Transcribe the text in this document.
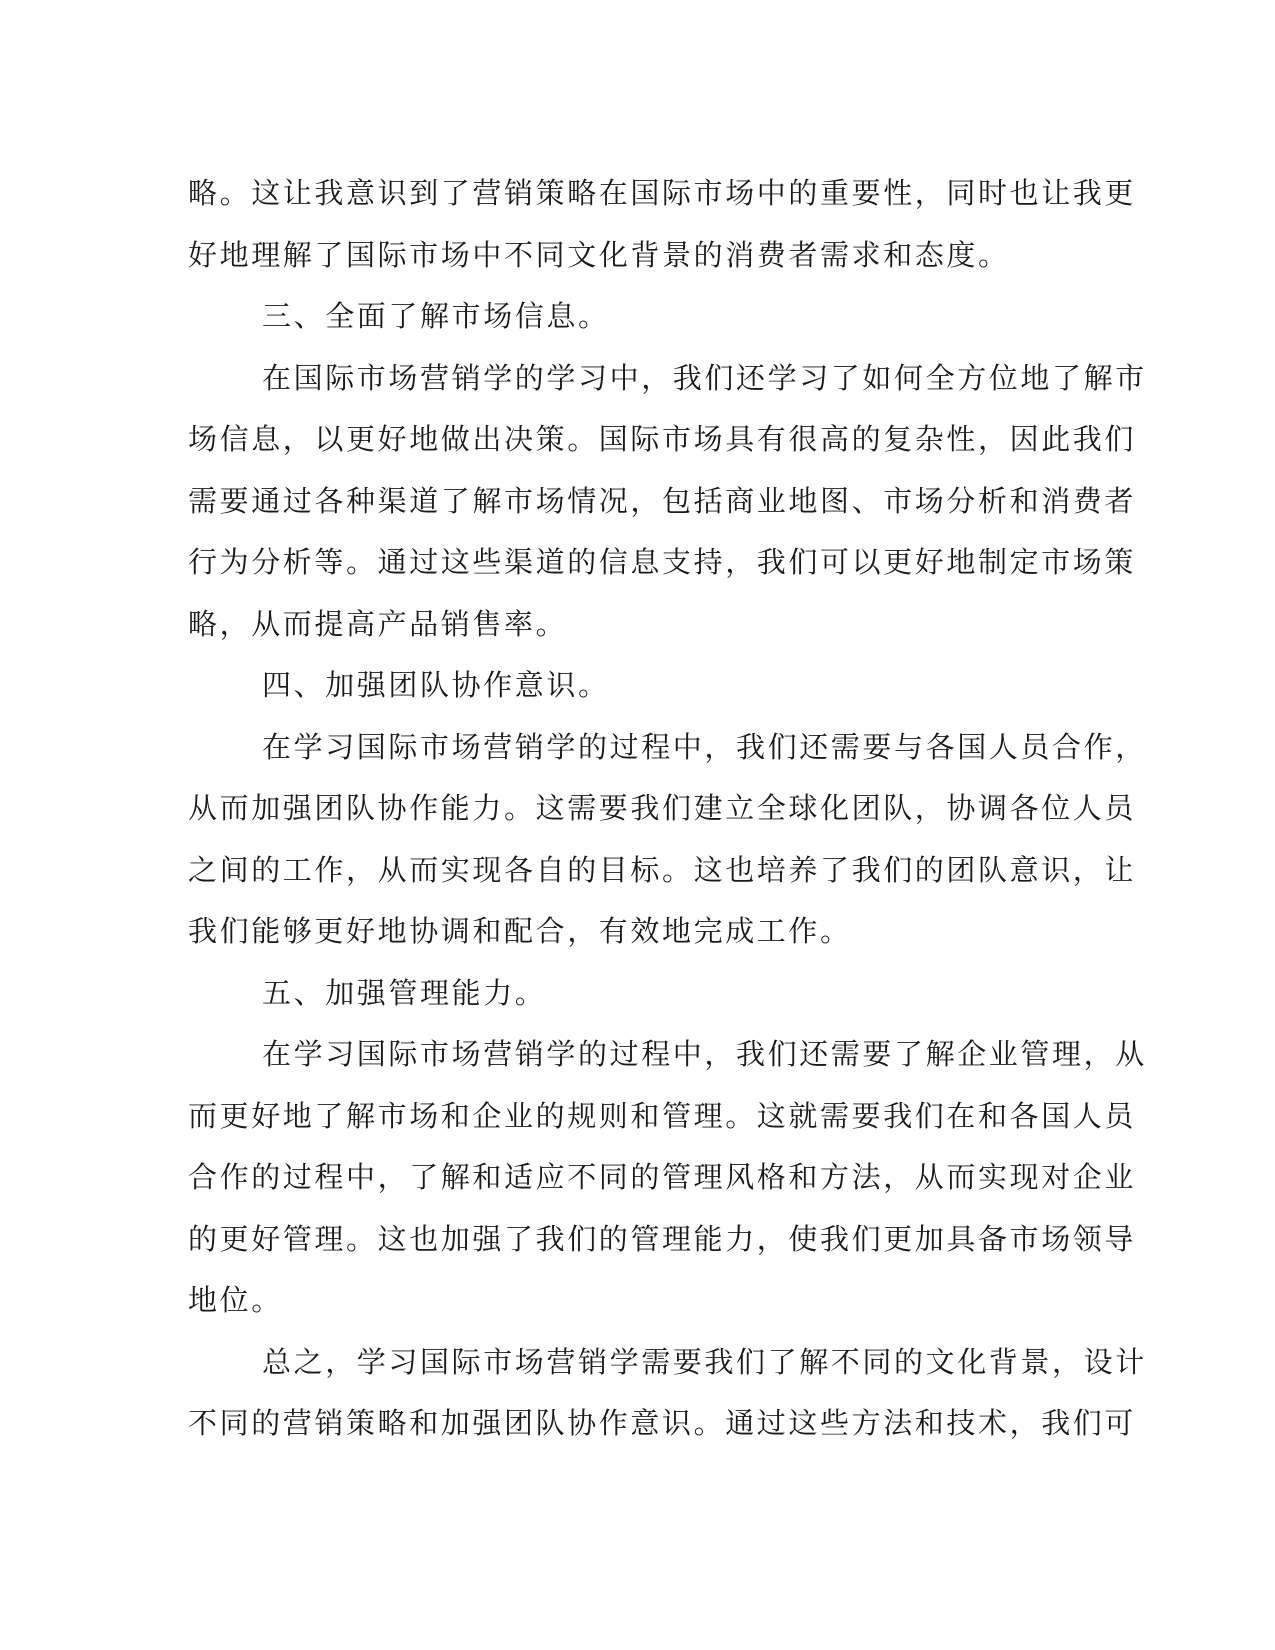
略。这让我意识到了营销策略在国际市场中的重要性，同时也让我更
好地理解了国际市场中不同文化背景的消费者需求和态度。
三、全面了解市场信息。
在国际市场营销学的学习中，我们还学习了如何全方位地了解市
场信息，以更好地做出决策。国际市场具有很高的复杂性，因此我们
需要通过各种渠道了解市场情况，包括商业地图、市场分析和消费者
行为分析等。通过这些渠道的信息支持，我们可以更好地制定市场策
略，从而提高产品销售率。
四、加强团队协作意识。
在学习国际市场营销学的过程中，我们还需要与各国人员合作，
从而加强团队协作能力。这需要我们建立全球化团队，协调各位人员
之间的工作，从而实现各自的目标。这也培养了我们的团队意识，让
我们能够更好地协调和配合，有效地完成工作。
五、加强管理能力。
在学习国际市场营销学的过程中，我们还需要了解企业管理，从
而更好地了解市场和企业的规则和管理。这就需要我们在和各国人员
合作的过程中，了解和适应不同的管理风格和方法，从而实现对企业
的更好管理。这也加强了我们的管理能力，使我们更加具备市场领导
地位。
总之，学习国际市场营销学需要我们了解不同的文化背景，设计
不同的营销策略和加强团队协作意识。通过这些方法和技术，我们可
